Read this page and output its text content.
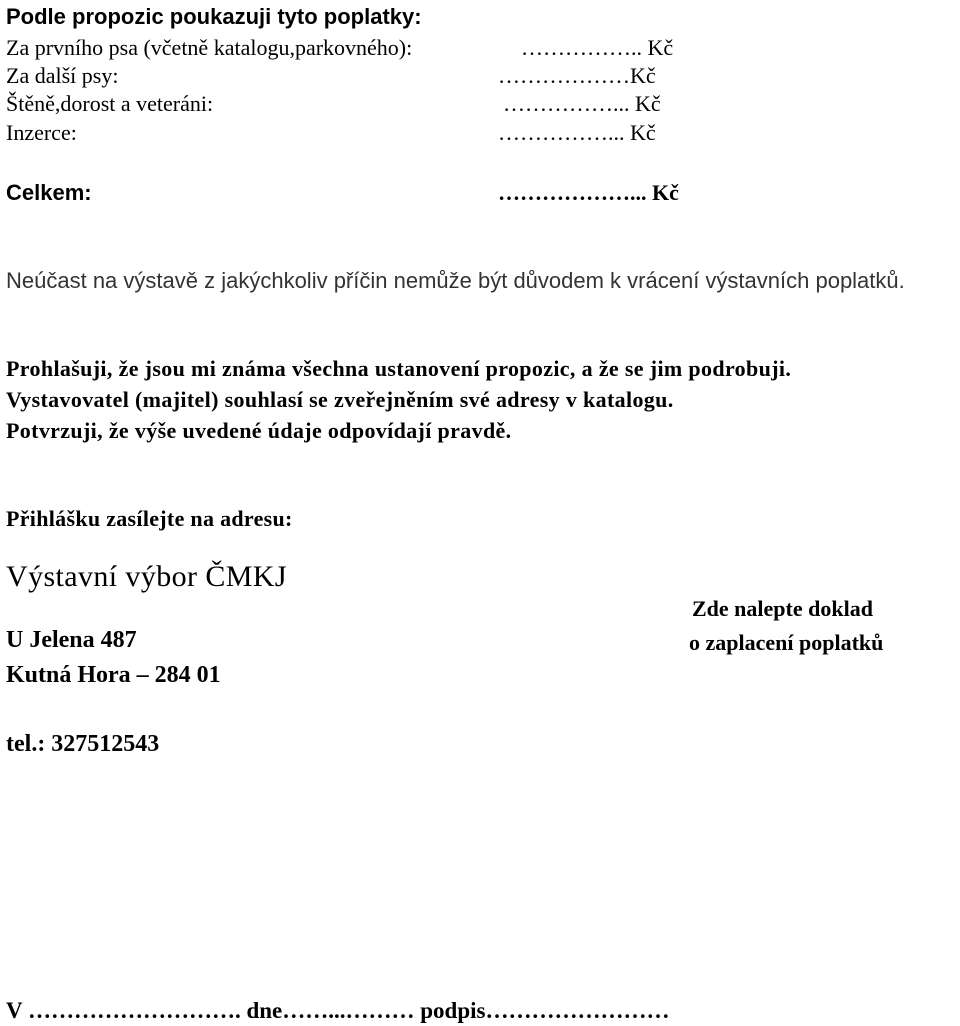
Podle propozic poukazuji tyto poplatky:
Za prvního psa (včetně katalogu,parkovného):	…………….. Kč
Za další psy:	………………Kč
Štěně,dorost a veteráni:	……………... Kč
Inzerce:	……………... Kč
Celkem:	………………... Kč
Neúčast na výstavě z jakýchkoliv příčin nemůže být důvodem k vrácení výstavních poplatků.
Prohlašuji, že jsou mi známa všechna ustanovení propozic, a že se jim podrobuji.
Vystavovatel (majitel) souhlasí se zveřejněním své adresy v katalogu.
Potvrzuji, že výše uvedené údaje odpovídají pravdě.
Přihlášku zasílejte na adresu:
Výstavní výbor ČMKJ
U Jelena 487
Kutná Hora – 284 01
tel.: 327512543
Zde nalepte doklad
o zaplacení poplatků
V ………………………. dne……...……… podpis……………………
